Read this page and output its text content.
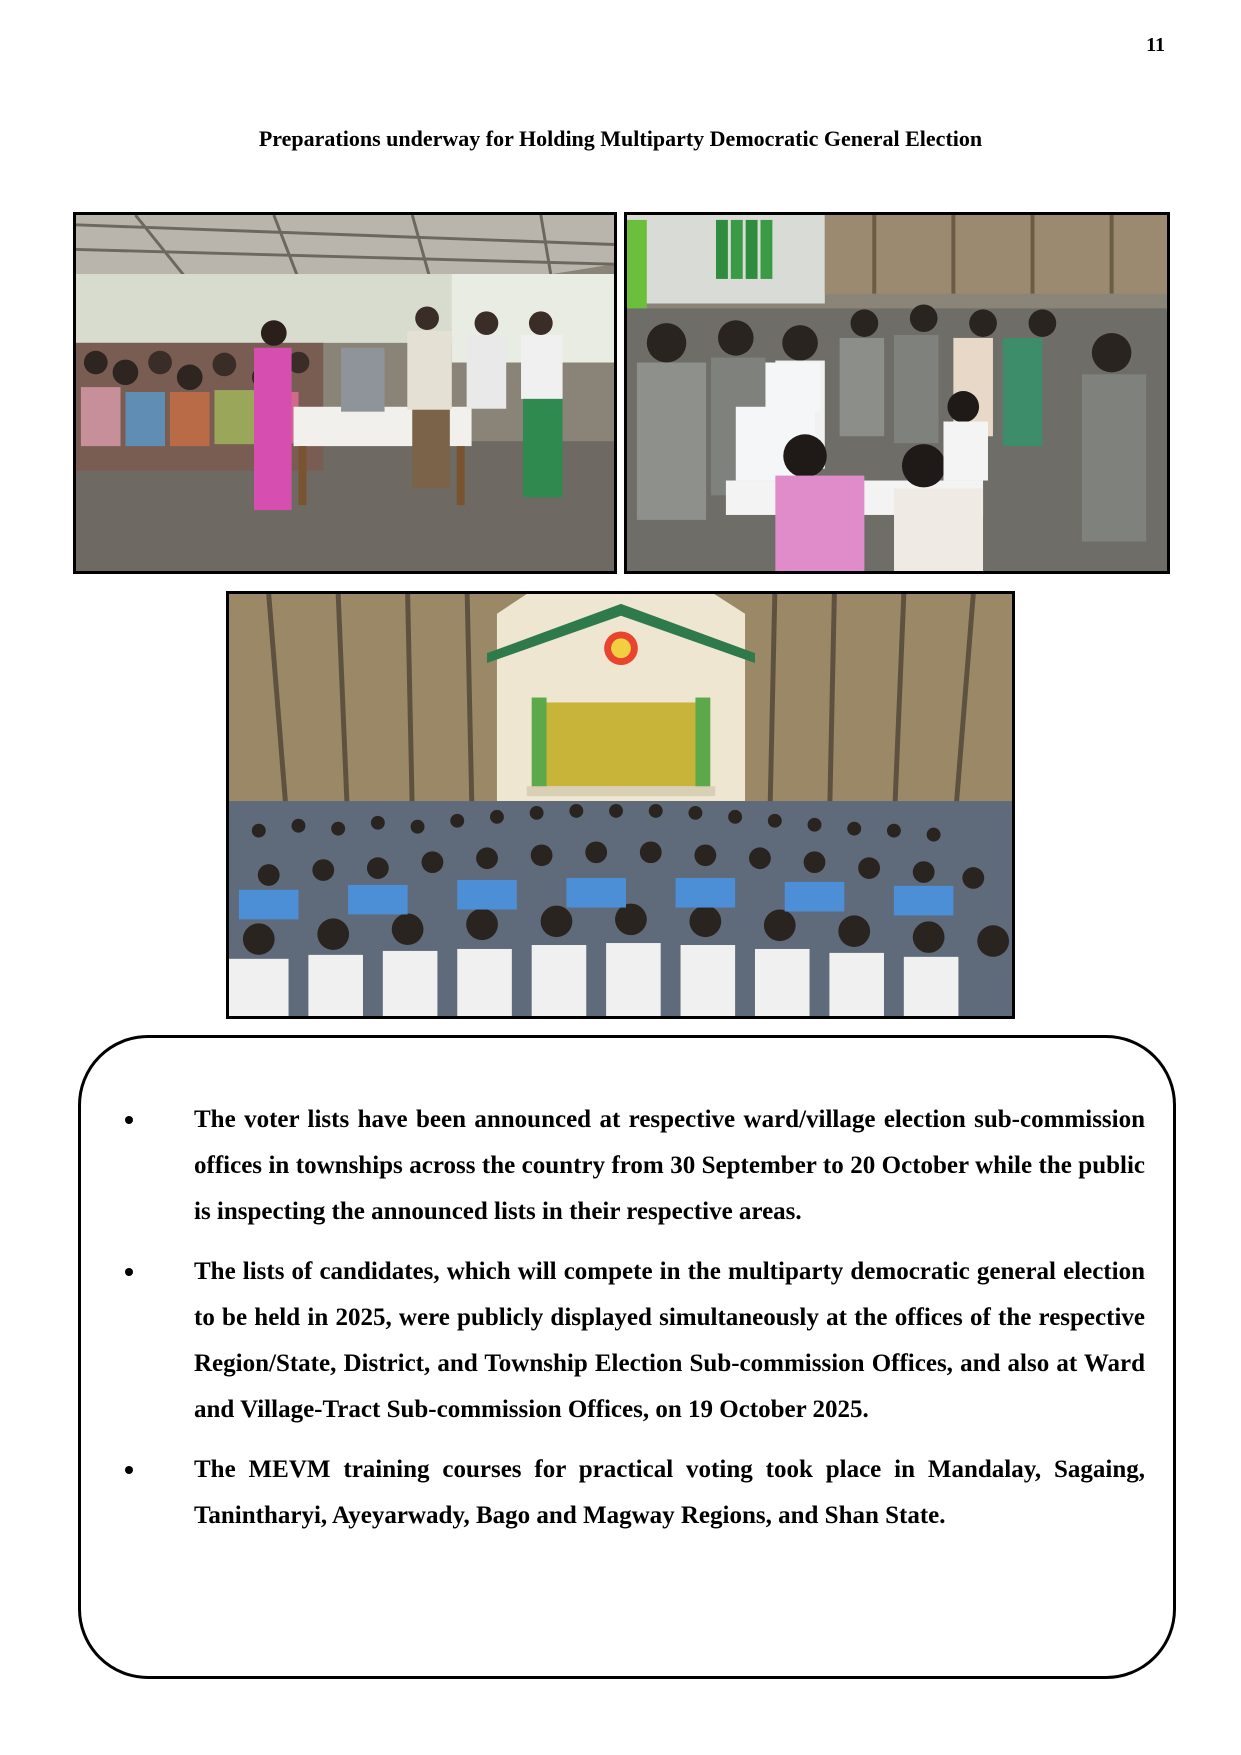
11
Preparations underway for Holding Multiparty Democratic General Election
The voter lists have been announced at respective ward/village election sub-commission offices in townships across the country from 30 September to 20 October while the public is inspecting the announced lists in their respective areas.
The lists of candidates, which will compete in the multiparty democratic general election to be held in 2025, were publicly displayed simultaneously at the offices of the respective Region/State, District, and Township Election Sub-commission Offices, and also at Ward and Village-Tract Sub-commission Offices, on 19 October 2025.
The MEVM training courses for practical voting took place in Mandalay, Sagaing, Tanintharyi, Ayeyarwady, Bago and Magway Regions, and Shan State.
